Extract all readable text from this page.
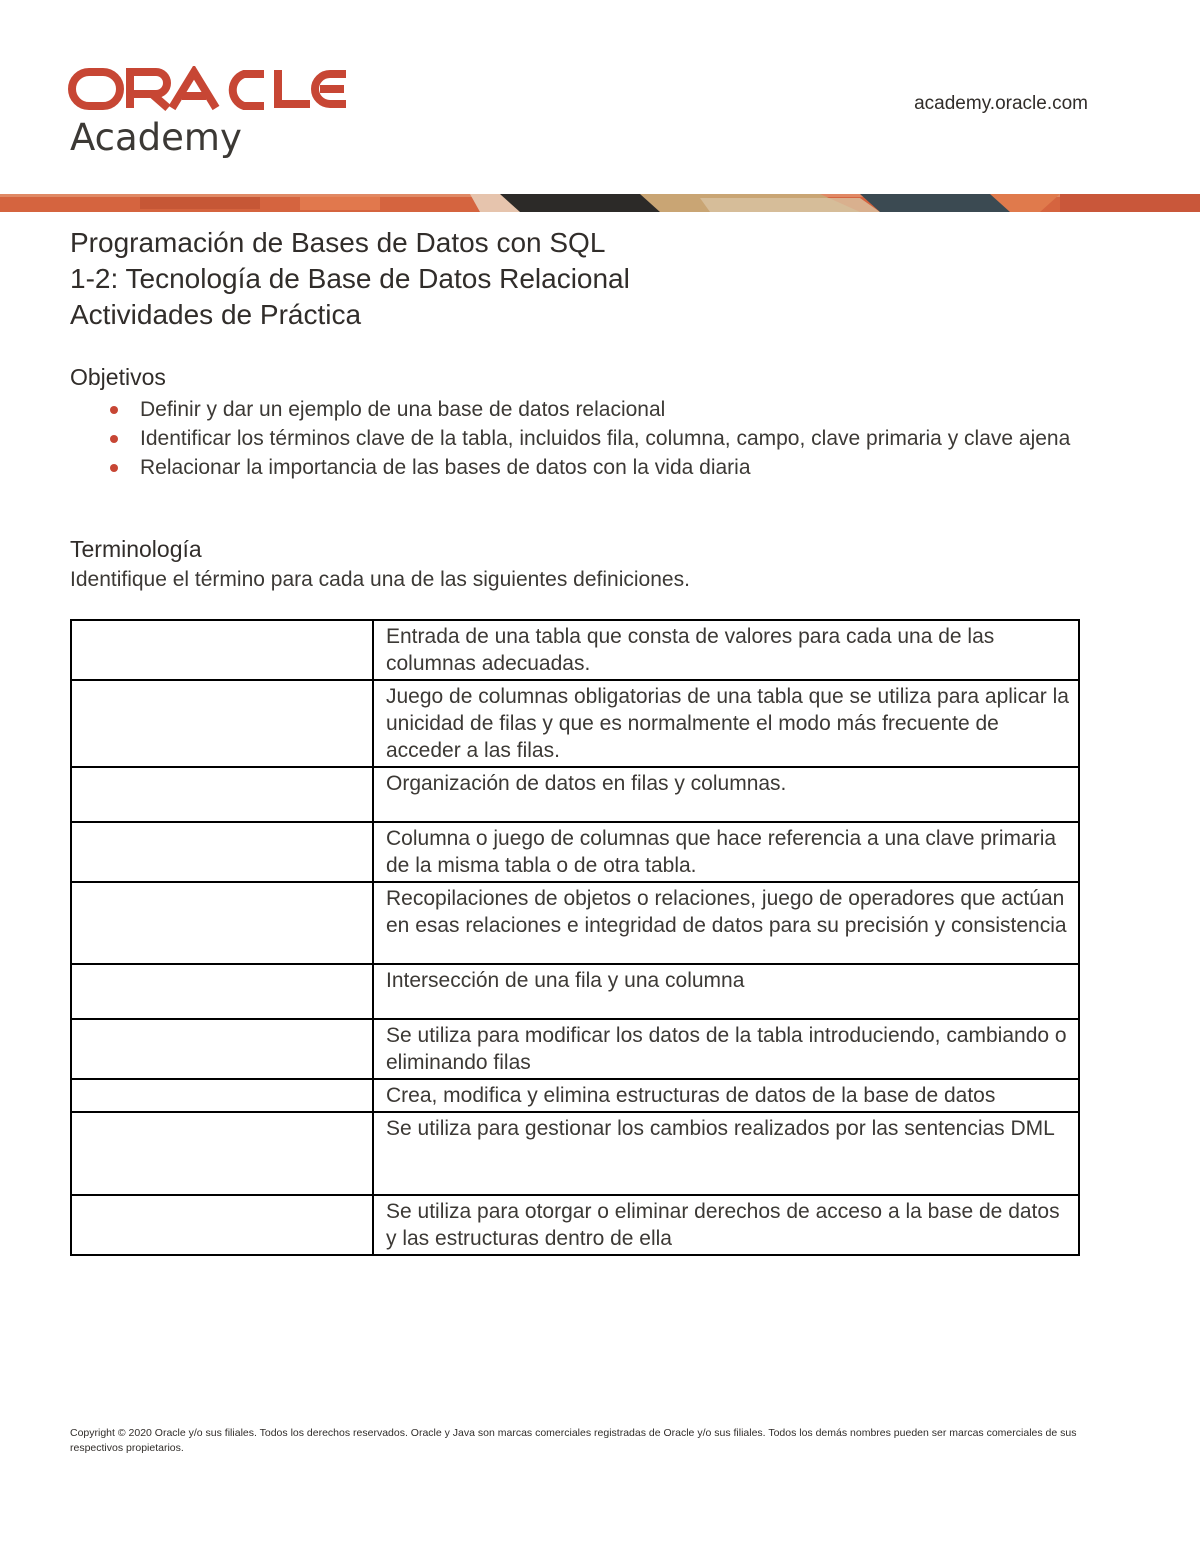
Academy
academy.oracle.com
Programación de Bases de Datos con SQL
1-2: Tecnología de Base de Datos Relacional
Actividades de Práctica
Objetivos
Definir y dar un ejemplo de una base de datos relacional
Identificar los términos clave de la tabla, incluidos fila, columna, campo, clave primaria y clave ajena
Relacionar la importancia de las bases de datos con la vida diaria
Terminología
Identifique el término para cada una de las siguientes definiciones.
	Entrada de una tabla que consta de valores para cada una de las columnas adecuadas.
	Juego de columnas obligatorias de una tabla que se utiliza para aplicar la unicidad de filas y que es normalmente el modo más frecuente de acceder a las filas.
	Organización de datos en filas y columnas.
	Columna o juego de columnas que hace referencia a una clave primaria de la misma tabla o de otra tabla.
	Recopilaciones de objetos o relaciones, juego de operadores que actúan en esas relaciones e integridad de datos para su precisión y consistencia
	Intersección de una fila y una columna
	Se utiliza para modificar los datos de la tabla introduciendo, cambiando o eliminando filas
	Crea, modifica y elimina estructuras de datos de la base de datos
	Se utiliza para gestionar los cambios realizados por las sentencias DML
	Se utiliza para otorgar o eliminar derechos de acceso a la base de datos y las estructuras dentro de ella
Copyright © 2020 Oracle y/o sus filiales. Todos los derechos reservados. Oracle y Java son marcas comerciales registradas de Oracle y/o sus filiales. Todos los demás nombres pueden ser marcas comerciales de sus respectivos propietarios.
